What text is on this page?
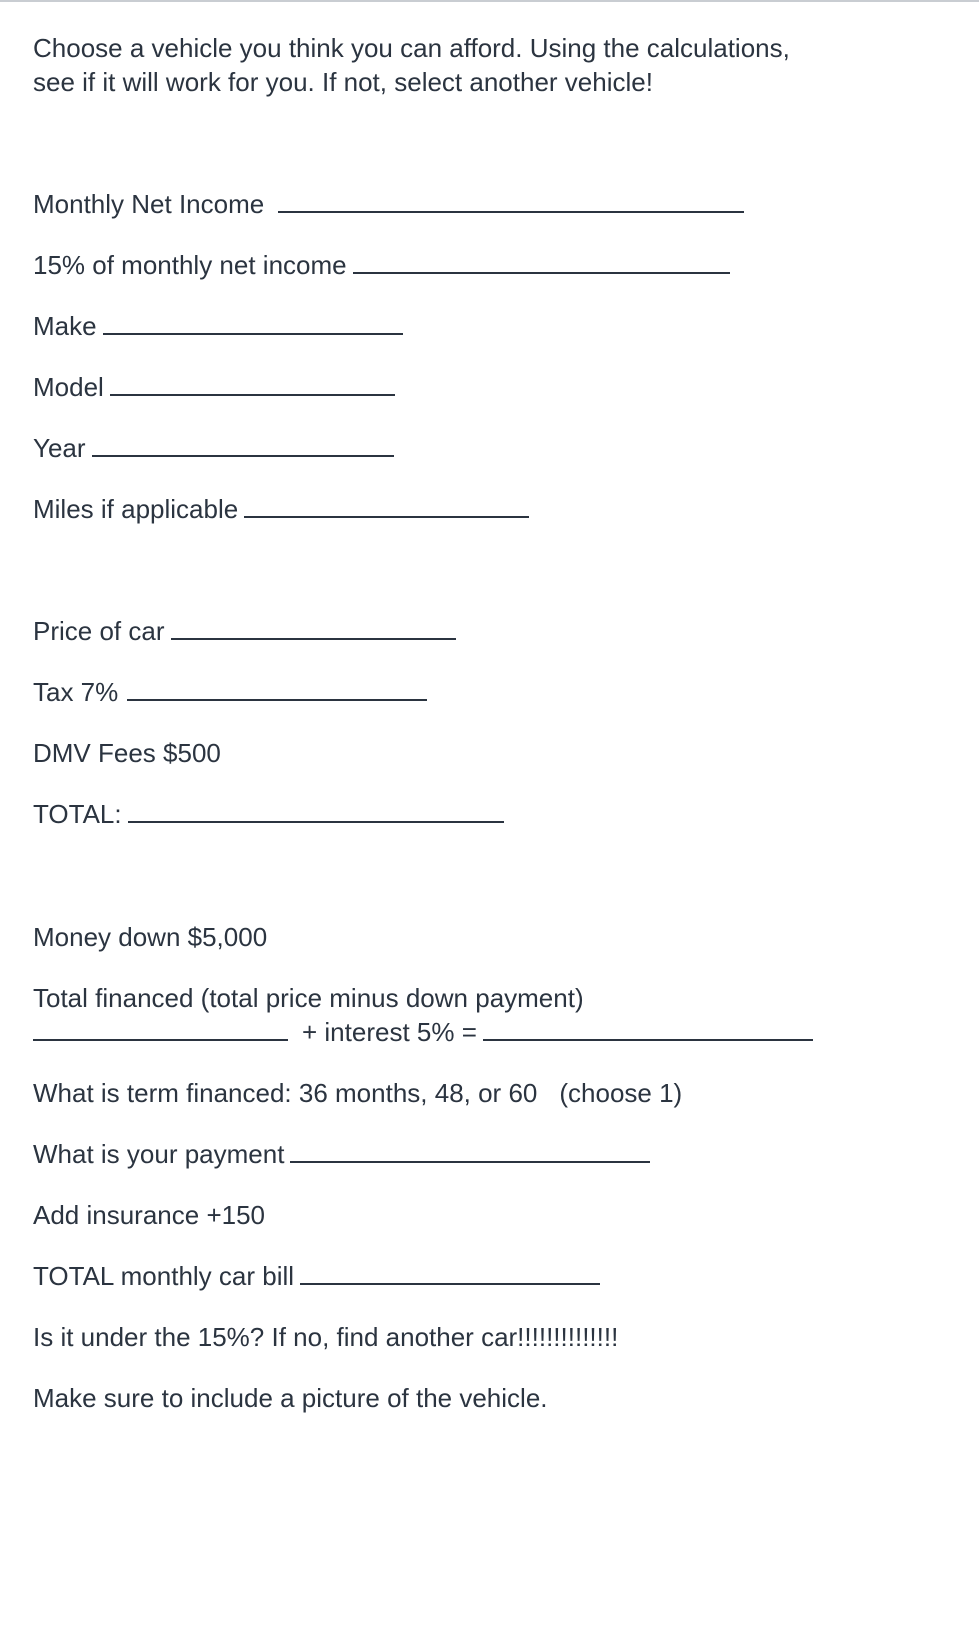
Choose a vehicle you think you can afford. Using the calculations,
see if it will work for you. If not, select another vehicle!
Monthly Net Income
15% of monthly net income
Make
Model
Year
Miles if applicable
Price of car
Tax 7%
DMV Fees $500
TOTAL:
Money down $5,000
Total financed (total price minus down payment)
+ interest 5% =
What is term financed: 36 months, 48, or 60 (choose 1)
What is your payment
Add insurance +150
TOTAL monthly car bill
Is it under the 15%? If no, find another car!!!!!!!!!!!!!!
Make sure to include a picture of the vehicle.
